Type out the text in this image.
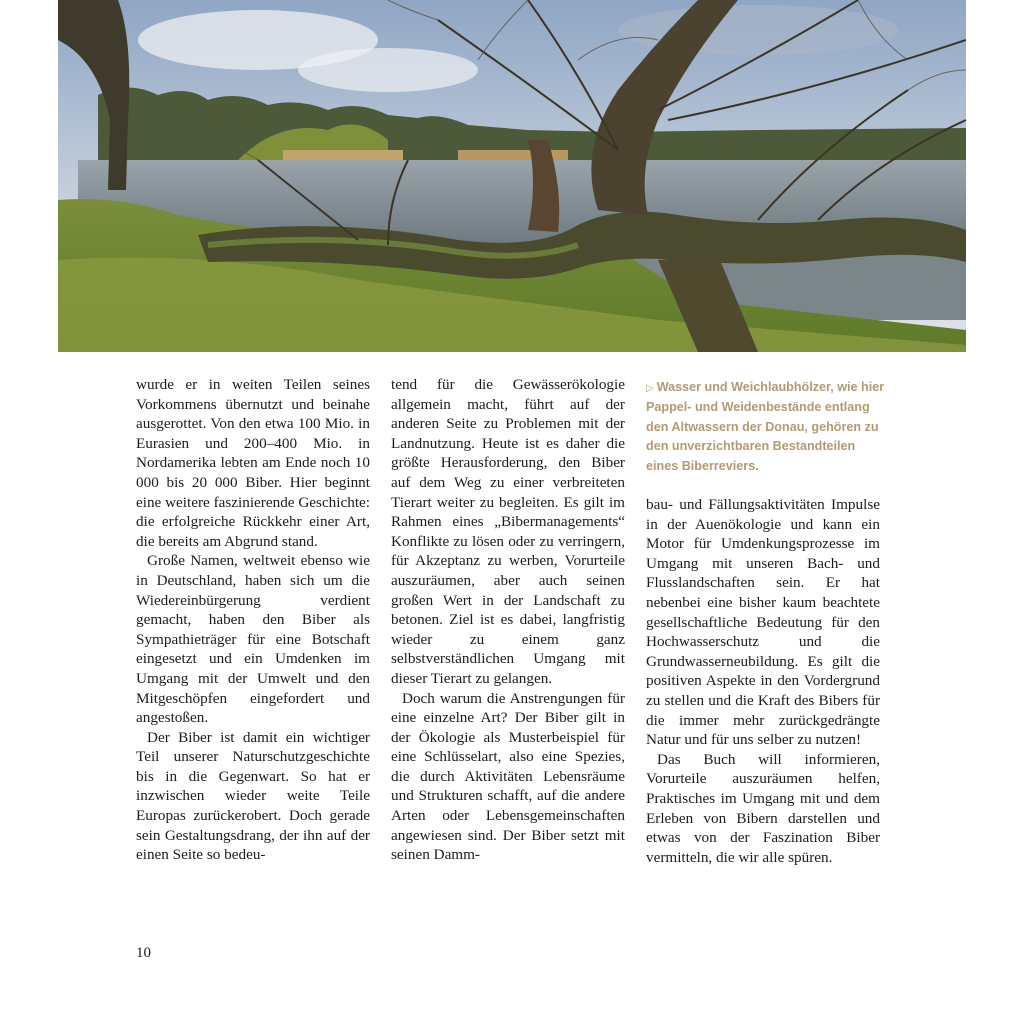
▷ Wasser und Weichlaubhölzer, wie hier Pappel- und Weidenbestände entlang den Altwassern der Donau, gehören zu den unverzichtbaren Bestandteilen eines Biberreviers.

wurde er in weiten Teilen seines Vorkommens übernutzt und beinahe ausgerottet. Von den etwa 100 Mio. in Eurasien und 200–400 Mio. in Nordamerika lebten am Ende noch 10 000 bis 20 000 Biber. Hier beginnt eine weitere faszinierende Geschichte: die erfolgreiche Rückkehr einer Art, die bereits am Abgrund stand.

Große Namen, weltweit ebenso wie in Deutschland, haben sich um die Wiedereinbürgerung verdient gemacht, haben den Biber als Sympathieträger für eine Botschaft eingesetzt und ein Umdenken im Umgang mit der Umwelt und den Mitgeschöpfen eingefordert und angestoßen.

Der Biber ist damit ein wichtiger Teil unserer Naturschutzgeschichte bis in die Gegenwart. So hat er inzwischen wieder weite Teile Europas zurückerobert. Doch gerade sein Gestaltungsdrang, der ihn auf der einen Seite so bedeu-

tend für die Gewässerökologie allgemein macht, führt auf der anderen Seite zu Problemen mit der Landnutzung. Heute ist es daher die größte Herausforderung, den Biber auf dem Weg zu einer verbreiteten Tierart weiter zu begleiten. Es gilt im Rahmen eines „Bibermanagements“ Konflikte zu lösen oder zu verringern, für Akzeptanz zu werben, Vorurteile auszuräumen, aber auch seinen großen Wert in der Landschaft zu betonen. Ziel ist es dabei, langfristig wieder zu einem ganz selbstverständlichen Umgang mit dieser Tierart zu gelangen.

Doch warum die Anstrengungen für eine einzelne Art? Der Biber gilt in der Ökologie als Musterbeispiel für eine Schlüsselart, also eine Spezies, die durch Aktivitäten Lebensräume und Strukturen schafft, auf die andere Arten oder Lebensgemeinschaften angewiesen sind. Der Biber setzt mit seinen Damm-

bau- und Fällungsaktivitäten Impulse in der Auenökologie und kann ein Motor für Umdenkungsprozesse im Umgang mit unseren Bach- und Flusslandschaften sein. Er hat nebenbei eine bisher kaum beachtete gesellschaftliche Bedeutung für den Hochwasserschutz und die Grundwasserneubildung. Es gilt die positiven Aspekte in den Vordergrund zu stellen und die Kraft des Bibers für die immer mehr zurückgedrängte Natur und für uns selber zu nutzen!

Das Buch will informieren, Vorurteile auszuräumen helfen, Praktisches im Umgang mit und dem Erleben von Bibern darstellen und etwas von der Faszination Biber vermitteln, die wir alle spüren.

10
